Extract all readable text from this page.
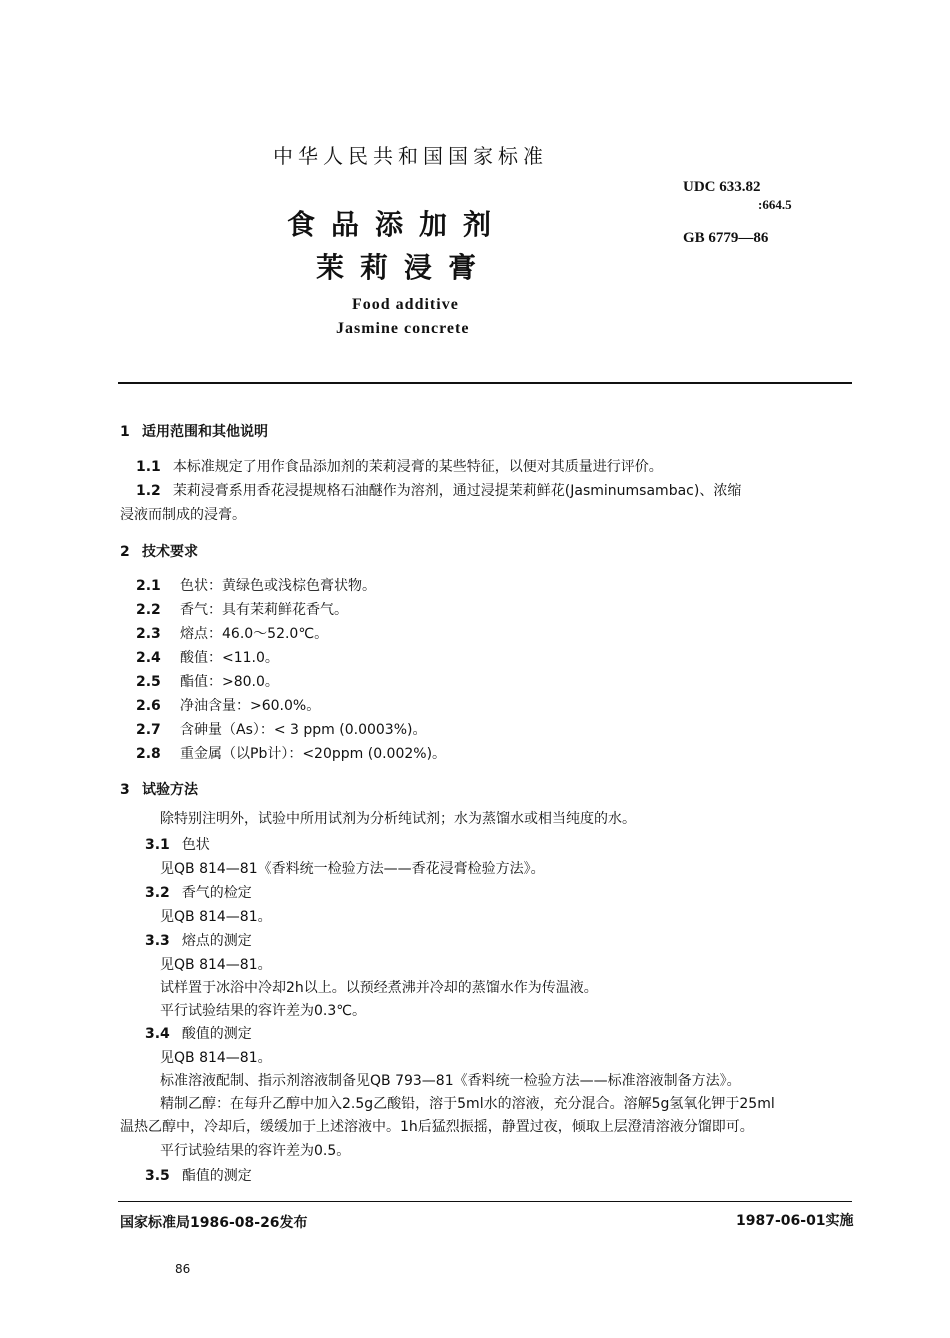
中华人民共和国国家标准
UDC 633.82
:664.5
GB 6779—86
食品添加剂
茉莉浸膏
Food additive
Jasmine concrete
1 适用范围和其他说明
1.1 本标准规定了用作食品添加剂的茉莉浸膏的某些特征，以便对其质量进行评价。
1.2 茉莉浸膏系用香花浸提规格石油醚作为溶剂，通过浸提茉莉鲜花(Jasminumsambac)、浓缩
浸液而制成的浸膏。
2 技术要求
2.1 色状：黄绿色或浅棕色膏状物。
2.2 香气：具有茉莉鲜花香气。
2.3 熔点：46.0～52.0℃。
2.4 酸值：<11.0。
2.5 酯值：>80.0。
2.6 净油含量：>60.0%。
2.7 含砷量（As）：< 3 ppm (0.0003%)。
2.8 重金属（以Pb计）：<20ppm (0.002%)。
3 试验方法
除特别注明外，试验中所用试剂为分析纯试剂；水为蒸馏水或相当纯度的水。
3.1 色状
见QB 814—81《香料统一检验方法——香花浸膏检验方法》。
3.2 香气的检定
见QB 814—81。
3.3 熔点的测定
见QB 814—81。
试样置于冰浴中冷却2h以上。以预经煮沸并冷却的蒸馏水作为传温液。
平行试验结果的容许差为0.3℃。
3.4 酸值的测定
见QB 814—81。
标准溶液配制、指示剂溶液制备见QB 793—81《香料统一检验方法——标准溶液制备方法》。
精制乙醇：在每升乙醇中加入2.5g乙酸铅，溶于5ml水的溶液，充分混合。溶解5g氢氧化钾于25ml
温热乙醇中，冷却后，缓缓加于上述溶液中。1h后猛烈振摇，静置过夜，倾取上层澄清溶液分馏即可。
平行试验结果的容许差为0.5。
3.5 酯值的测定
国家标准局1986-08-26发布	1987-06-01实施
86
